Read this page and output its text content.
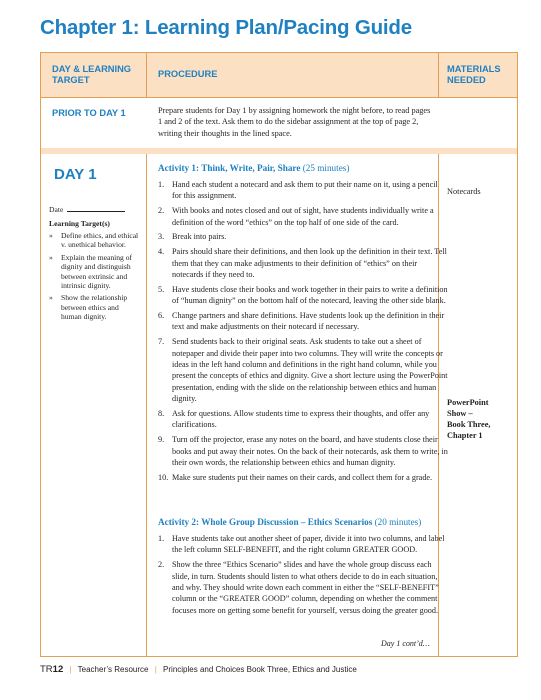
Chapter 1: Learning Plan/Pacing Guide
DAY & LEARNING
TARGET
PROCEDURE	MATERIALS
NEEDED
PRIOR TO DAY 1	Prepare students for Day 1 by assigning homework the night before, to read pages 1 and 2 of the text. Ask them to do the sidebar assignment at the top of page 2, writing their thoughts in the lined space.
DAY 1
Date
Learning Target(s)
» Define ethics, and ethical v. unethical behavior.
» Explain the meaning of dignity and distinguish between extrinsic and intrinsic dignity.
» Show the relationship between ethics and human dignity.
Activity 1: Think, Write, Pair, Share (25 minutes)
1. Hand each student a notecard and ask them to put their name on it, using a pencil for this assignment.
2. With books and notes closed and out of sight, have students individually write a definition of the word “ethics” on the top half of one side of the card.
3. Break into pairs.
4. Pairs should share their definitions, and then look up the definition in their text. Tell them that they can make adjustments to their definition of “ethics” on their notecards if they need to.
5. Have students close their books and work together in their pairs to write a definition of “human dignity” on the bottom half of the notecard, leaving the other side blank.
6. Change partners and share definitions. Have students look up the definition in their text and make adjustments on their notecard if necessary.
7. Send students back to their original seats. Ask students to take out a sheet of notepaper and divide their paper into two columns. They will write the concepts or ideas in the left hand column and definitions in the right hand column, while you present the concepts of ethics and dignity. Give a short lecture using the PowerPoint presentation, ending with the slide on the relationship between ethics and human dignity.
8. Ask for questions. Allow students time to express their thoughts, and offer any clarifications.
9. Turn off the projector, erase any notes on the board, and have students close their books and put away their notes. On the back of their notecards, ask them to write, in their own words, the relationship between ethics and human dignity.
10. Make sure students put their names on their cards, and collect them for a grade.
Activity 2: Whole Group Discussion – Ethics Scenarios (20 minutes)
1. Have students take out another sheet of paper, divide it into two columns, and label the left column SELF-BENEFIT, and the right column GREATER GOOD.
2. Show the three “Ethics Scenario” slides and have the whole group discuss each slide, in turn. Students should listen to what others decide to do in each situation, and why. They should write down each comment in either the “SELF-BENEFIT” column or the “GREATER GOOD” column, depending on whether the comment focuses more on getting some benefit for yourself, versus doing the greater good.
Day 1 cont’d…
Notecards
PowerPoint
Show –
Book Three,
Chapter 1
TR12 | Teacher’s Resource | Principles and Choices Book Three, Ethics and Justice
